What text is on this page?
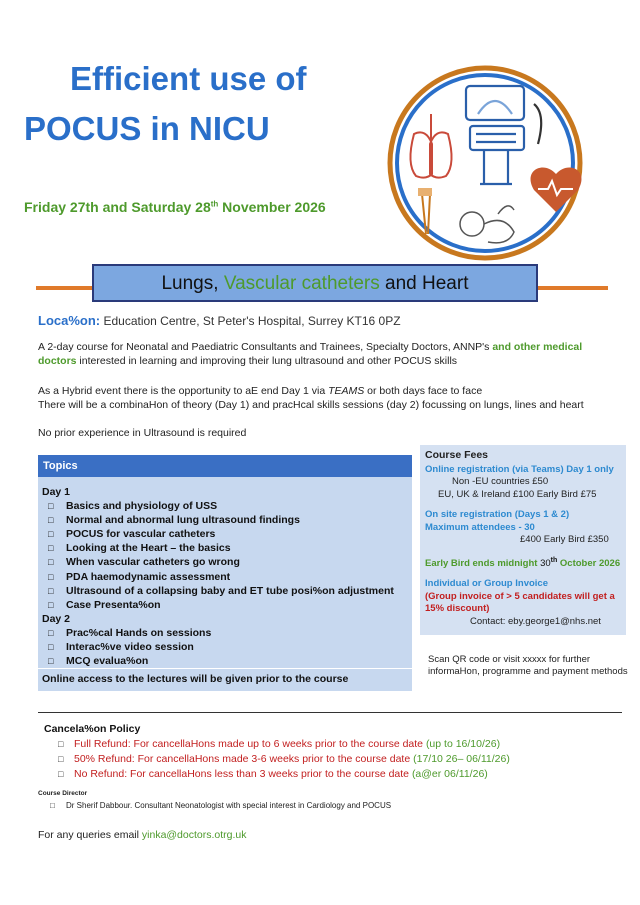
Efficient use of
POCUS in NICU
Friday 27th and Saturday 28th November 2026
Lungs, Vascular catheters and Heart
Loca%on: Education Centre, St Peter's Hospital, Surrey KT16 0PZ
A 2-day course for Neonatal and Paediatric Consultants and Trainees, Specialty Doctors, ANNP's and other medical doctors interested in learning and improving their lung ultrasound and other POCUS skills
As a Hybrid event there is the opportunity to aE end Day 1 via TEAMS or both days face to face
There will be a combinaHon of theory (Day 1) and pracHcal skills sessions (day 2) focussing on lungs, lines and heart
No prior experience in Ultrasound is required
Topics
Day 1
□ Basics and physiology of USS
□ Normal and abnormal lung ultrasound findings
□ POCUS for vascular catheters
□ Looking at the Heart – the basics
□ When vascular catheters go wrong
□ PDA haemodynamic assessment
□ Ultrasound of a collapsing baby and ET tube posi%on adjustment
□ Case Presenta%on
Day 2
□ Prac%cal Hands on sessions
□ Interac%ve video session
□ MCQ evalua%on
Online access to the lectures will be given prior to the course
Course Fees
Online registration (via Teams) Day 1 only
Non -EU countries £50
EU, UK & Ireland £100 Early Bird £75
On site registration (Days 1 & 2)
Maximum attendees - 30
£400 Early Bird £350
Early Bird ends midnight 30th October 2026
Individual or Group Invoice
(Group invoice of > 5 candidates will get a 15% discount)
Contact: eby.george1@nhs.net
Scan QR code or visit xxxxx for further informaHon, programme and payment methods
Cancela%on Policy
□ Full Refund: For cancellaHons made up to 6 weeks prior to the course date (up to 16/10/26)
□ 50% Refund: For cancellaHons made 3-6 weeks prior to the course date (17/10 26– 06/11/26)
□ No Refund: For cancellaHons less than 3 weeks prior to the course date (a@er 06/11/26)
Course Director
□ Dr Sherif Dabbour. Consultant Neonatologist with special interest in Cardiology and POCUS
For any queries email yinka@doctors.otrg.uk
